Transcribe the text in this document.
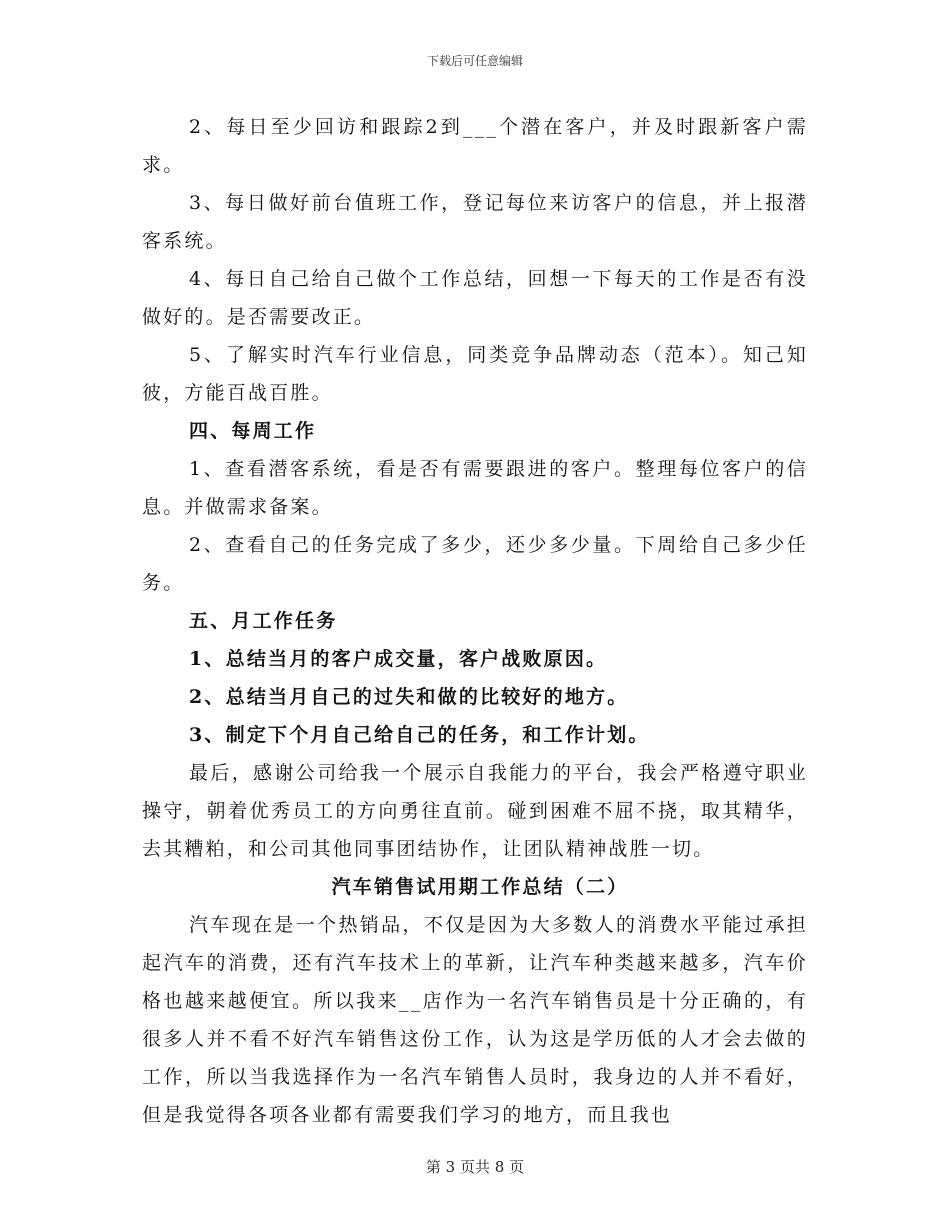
下载后可任意编辑

2、每日至少回访和跟踪2到___个潜在客户，并及时跟新客户需求。

3、每日做好前台值班工作，登记每位来访客户的信息，并上报潜客系统。

4、每日自己给自己做个工作总结，回想一下每天的工作是否有没做好的。是否需要改正。

5、了解实时汽车行业信息，同类竞争品牌动态（范本）。知己知彼，方能百战百胜。

四、每周工作

1、查看潜客系统，看是否有需要跟进的客户。整理每位客户的信息。并做需求备案。

2、查看自己的任务完成了多少，还少多少量。下周给自己多少任务。

五、月工作任务

1、总结当月的客户成交量，客户战败原因。

2、总结当月自己的过失和做的比较好的地方。

3、制定下个月自己给自己的任务，和工作计划。

最后，感谢公司给我一个展示自我能力的平台，我会严格遵守职业操守，朝着优秀员工的方向勇往直前。碰到困难不屈不挠，取其精华，去其糟粕，和公司其他同事团结协作，让团队精神战胜一切。

汽车销售试用期工作总结（二）

汽车现在是一个热销品，不仅是因为大多数人的消费水平能过承担起汽车的消费，还有汽车技术上的革新，让汽车种类越来越多，汽车价格也越来越便宜。所以我来__店作为一名汽车销售员是十分正确的，有很多人并不看不好汽车销售这份工作，认为这是学历低的人才会去做的工作，所以当我选择作为一名汽车销售人员时，我身边的人并不看好，但是我觉得各项各业都有需要我们学习的地方，而且我也

第 3 页共 8 页
